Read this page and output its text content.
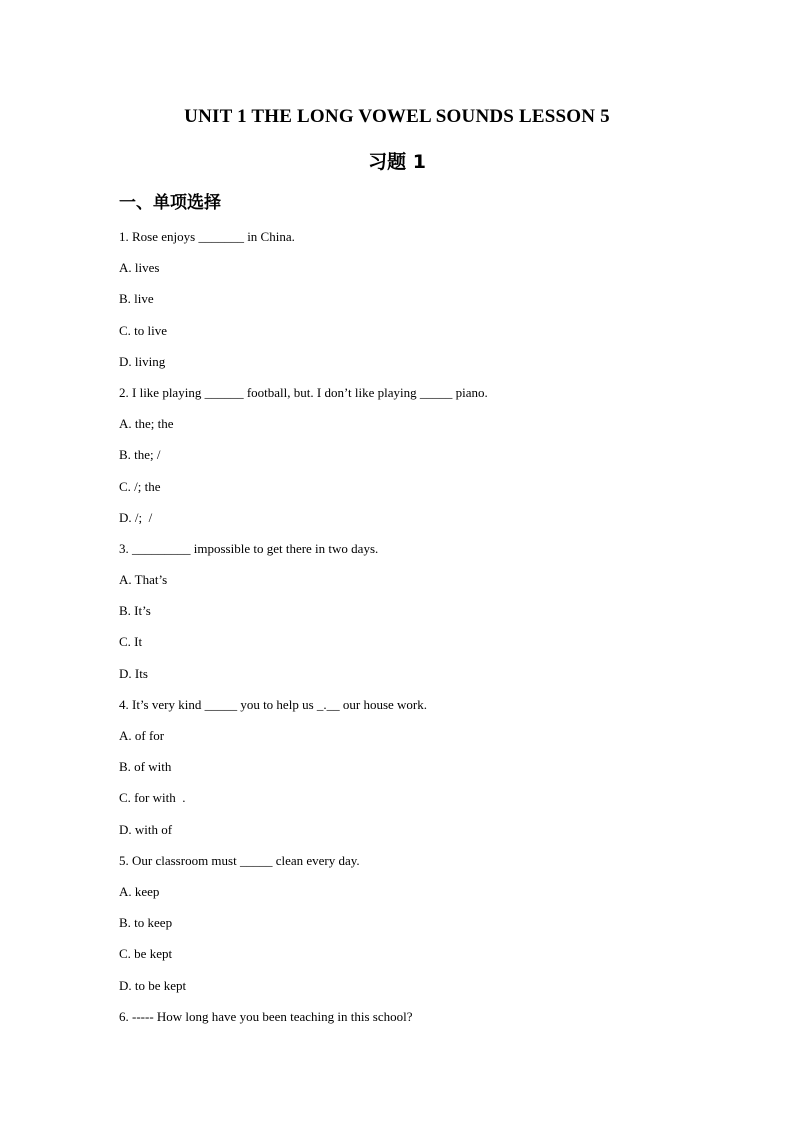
UNIT 1 THE LONG VOWEL SOUNDS LESSON 5
习题 1
一、单项选择
1. Rose enjoys _______ in China.
A. lives
B. live
C. to live
D. living
2. I like playing ______ football, but. I don’t like playing _____ piano.
A. the; the
B. the; /
C. /; the
D. /;  /
3. _________ impossible to get there in two days.
A. That’s
B. It’s
C. It
D. Its
4. It’s very kind _____ you to help us _.__ our house work.
A. of for
B. of with
C. for with  .
D. with of
5. Our classroom must _____ clean every day.
A. keep
B. to keep
C. be kept
D. to be kept
6. ----- How long have you been teaching in this school?
